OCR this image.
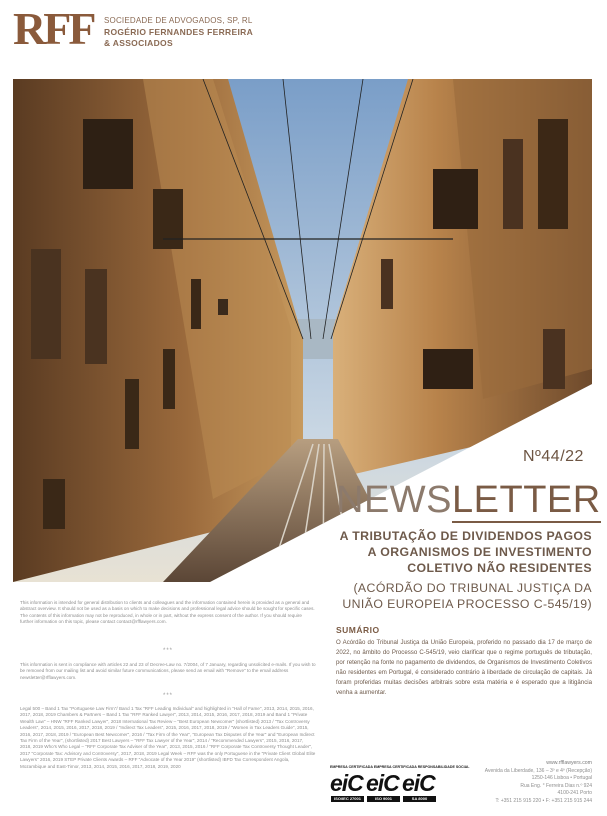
RFF SOCIEDADE DE ADVOGADOS, SP, RL
ROGÉRIO FERNANDES FERREIRA
& ASSOCIADOS
Nº44/22
NEWSLETTER
A TRIBUTAÇÃO DE DIVIDENDOS PAGOS A ORGANISMOS DE INVESTIMENTO COLETIVO NÃO RESIDENTES
(ACÓRDÃO DO TRIBUNAL JUSTIÇA DA UNIÃO EUROPEIA PROCESSO C-545/19)
SUMÁRIO
O Acórdão do Tribunal Justiça da União Europeia, proferido no passado dia 17 de março de 2022, no âmbito do Processo C-545/19, veio clarificar que o regime português de tributação, por retenção na fonte no pagamento de dividendos, de Organismos de Investimento Coletivos não residentes em Portugal, é considerado contrário à liberdade de circulação de capitais. Já foram proferidas muitas decisões arbitrais sobre esta matéria e é esperado que a litigância venha a aumentar.
This information is intended for general distribution to clients and colleagues and the information contained herein is provided as a general and abstract overview. It should not be used as a basis on which to make decisions and professional legal advice should be sought for specific cases. The contents of this information may not be reproduced, in whole or in part, without the express consent of the author. If you should require further information on this topic, please contact contact@rfflawyers.com.
***
This information is sent in compliance with articles 22 and 23 of Decree-Law no. 7/2004, of 7 January, regarding unsolicited e-mails. If you wish to be removed from our mailing list and avoid similar future communications, please send an email with "Remove" to the email address newsletter@rfflawyers.com.
***
Legal 500 – Band 1 Tax "Portuguese Law Firm"/ Band 1 Tax "RFF Leading Individual" and highlighted in "Hall of Fame", 2013, 2014, 2015, 2016, 2017, 2018, 2019 Chambers & Partners – Band 1 Tax "RFF Ranked Lawyer", 2013, 2014, 2015, 2016, 2017, 2018, 2019 and Band 1 "Private Wealth Law" – HNW "RFF Ranked Lawyer", 2018 International Tax Review – "Best European Newcomer" (shortlisted) 2013 / "Tax Controversy Leaders", 2014, 2015, 2016, 2017, 2018, 2019 / "Indirect Tax Leaders", 2015, 2016, 2017, 2018, 2019 / "Women in Tax Leaders Guide", 2015, 2016, 2017, 2018, 2019 / "European Best Newcomer", 2016 / "Tax Firm of the Year", "European Tax Disputes of the Year" and "European Indirect Tax Firm of the Year", (shortlisted) 2017 Best Lawyers – "RFF Tax Lawyer of the Year", 2014 / "Recommended Lawyers", 2015, 2016, 2017, 2018, 2019 Who's Who Legal – "RFF Corporate Tax Adviser of the Year", 2013, 2015, 2016 / "RFF Corporate Tax Controversy Thought Leader", 2017 "Corporate Tax: Advisory and Controversy", 2017, 2018, 2019 Legal Week – RFF was the only Portuguese in the "Private Client Global Elite Lawyers" 2016, 2019 STEP Private Clients Awards – RFF "Advocate of the Year 2019" (shortlisted) IBFD Tax Correspondent Angola, Mozambique and East-Timor, 2013, 2014, 2015, 2016, 2017, 2018, 2019, 2020	EMPRESA CERTIFICADA EMPRESA CERTIFICADA RESPONSABILIDADE SOCIAL
eiC
ISO/IEC 27001
eiC
ISO 9001
eiC
SA 8000
www.rfflawyers.com
Avenida da Liberdade, 136 – 3º e 4º (Recepção)
1250-146 Lisboa • Portugal
Rua Eng. ° Ferreira Dias n.º 924
4100-241 Porto
T: +351 215 915 220 • F: +351 215 915 244
